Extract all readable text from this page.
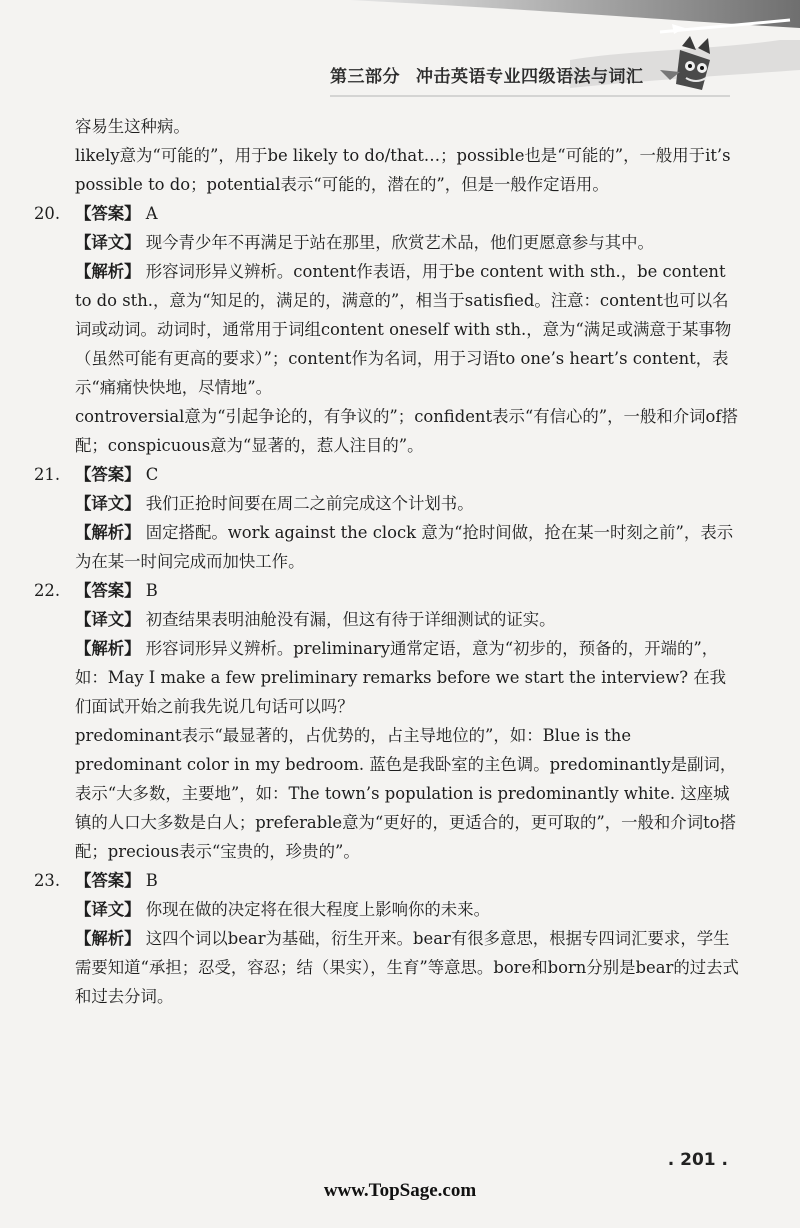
第三部分 冲击英语专业四级语法与词汇

容易生这种病。

likely意为“可能的”，用于be likely to do/that…；possible也是“可能的”，一般用于it’s possible to do；potential表示“可能的，潜在的”，但是一般作定语用。

20. 【答案】 A

【译文】 现今青少年不再满足于站在那里，欣赏艺术品，他们更愿意参与其中。

【解析】 形容词形异义辨析。content作表语，用于be content with sth.，be content to do sth.，意为“知足的，满足的，满意的”，相当于satisfied。注意：content也可以名词或动词。动词时，通常用于词组content oneself with sth.，意为“满足或满意于某事物（虽然可能有更高的要求）”；content作为名词，用于习语to one’s heart’s content，表示“痛痛快快地，尽情地”。

controversial意为“引起争论的，有争议的”；confident表示“有信心的”，一般和介词of搭配；conspicuous意为“显著的，惹人注目的”。

21. 【答案】 C

【译文】 我们正抢时间要在周二之前完成这个计划书。

【解析】 固定搭配。work against the clock 意为“抢时间做，抢在某一时刻之前”，表示为在某一时间完成而加快工作。

22. 【答案】 B

【译文】 初查结果表明油舱没有漏，但这有待于详细测试的证实。

【解析】 形容词形异义辨析。preliminary通常定语，意为“初步的，预备的，开端的”，如：May I make a few preliminary remarks before we start the interview? 在我们面试开始之前我先说几句话可以吗？

predominant表示“最显著的，占优势的，占主导地位的”，如：Blue is the predominant color in my bedroom. 蓝色是我卧室的主色调。predominantly是副词，表示“大多数，主要地”，如：The town’s population is predominantly white. 这座城镇的人口大多数是白人；preferable意为“更好的，更适合的，更可取的”，一般和介词to搭配；precious表示“宝贵的，珍贵的”。

23. 【答案】 B

【译文】 你现在做的决定将在很大程度上影响你的未来。

【解析】 这四个词以bear为基础，衍生开来。bear有很多意思，根据专四词汇要求，学生需要知道“承担；忍受，容忍；结（果实），生育”等意思。bore和born分别是bear的过去式和过去分词。

. 201 .
www.TopSage.com
